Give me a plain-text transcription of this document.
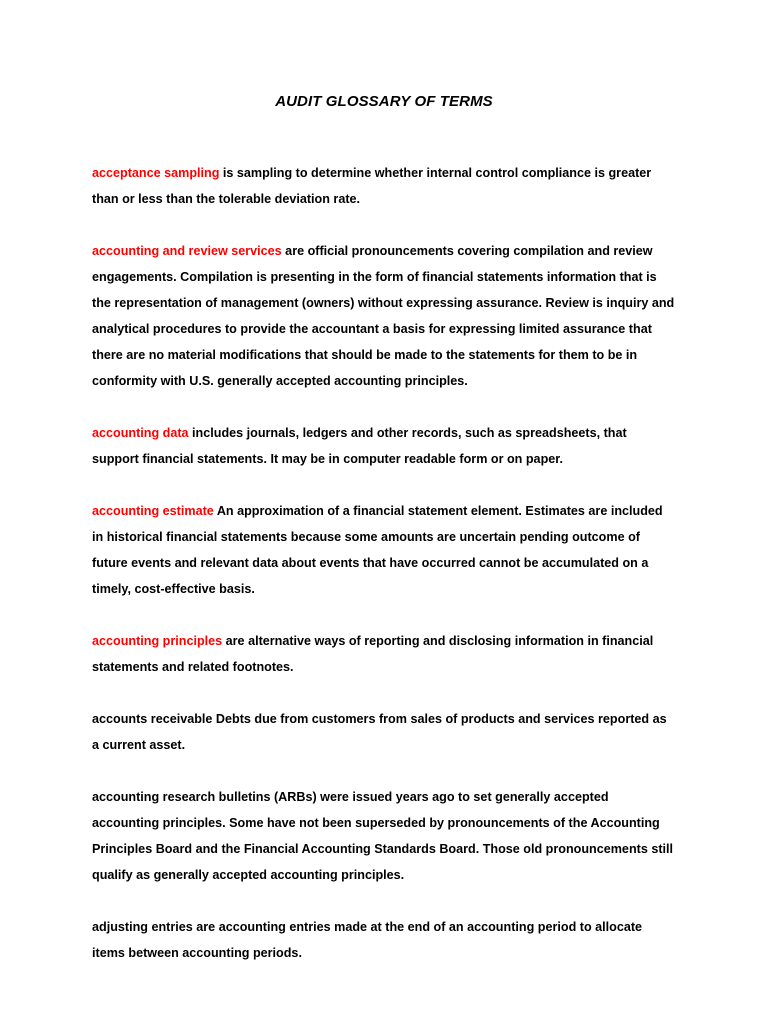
AUDIT GLOSSARY OF TERMS

acceptance sampling is sampling to determine whether internal control compliance is greater than or less than the tolerable deviation rate.

accounting and review services are official pronouncements covering compilation and review engagements. Compilation is presenting in the form of financial statements information that is the representation of management (owners) without expressing assurance. Review is inquiry and analytical procedures to provide the accountant a basis for expressing limited assurance that there are no material modifications that should be made to the statements for them to be in conformity with U.S. generally accepted accounting principles.

accounting data includes journals, ledgers and other records, such as spreadsheets, that support financial statements. It may be in computer readable form or on paper.

accounting estimate An approximation of a financial statement element. Estimates are included in historical financial statements because some amounts are uncertain pending outcome of future events and relevant data about events that have occurred cannot be accumulated on a timely, cost-effective basis.

accounting principles are alternative ways of reporting and disclosing information in financial statements and related footnotes.

accounts receivable Debts due from customers from sales of products and services reported as a current asset.

accounting research bulletins (ARBs) were issued years ago to set generally accepted accounting principles. Some have not been superseded by pronouncements of the Accounting Principles Board and the Financial Accounting Standards Board. Those old pronouncements still qualify as generally accepted accounting principles.

adjusting entries are accounting entries made at the end of an accounting period to allocate items between accounting periods.
